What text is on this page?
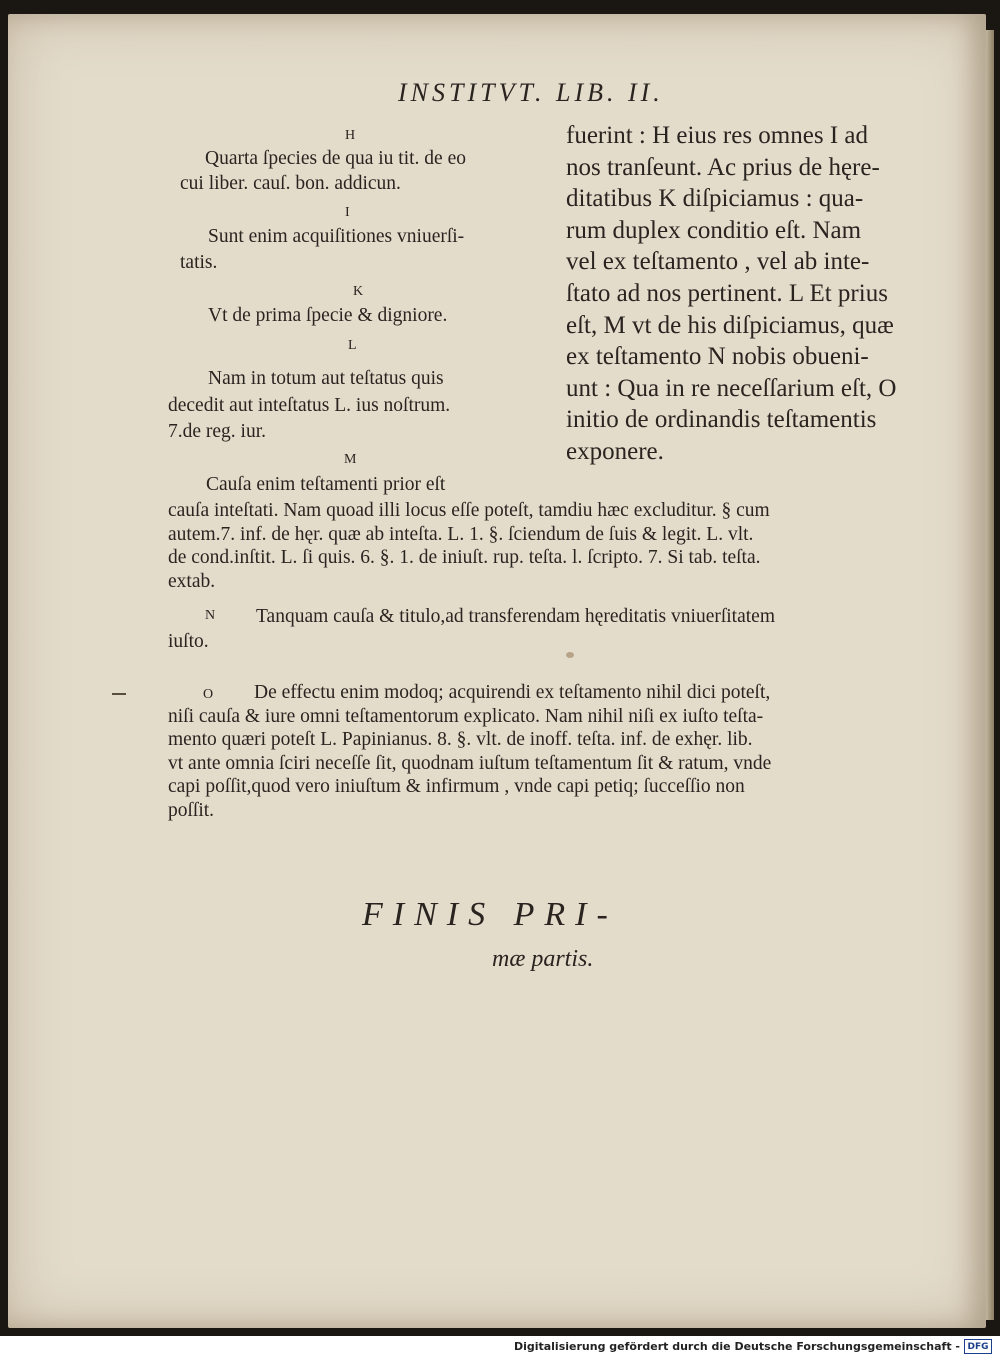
INSTITVT. LIB. II.
H
Quarta ſpecies de qua iu tit. de eo
cui liber. cauſ. bon. addicun.
I
Sunt enim acquiſitiones vniuerſi-
tatis.
K
Vt de prima ſpecie & digniore.
L
Nam in totum aut teſtatus quis
decedit aut inteſtatus L. ius noſtrum.
7.de reg. iur.
M
Cauſa enim teſtamenti prior eſt
fuerint : H eius res omnes I ad
nos tranſeunt. Ac prius de hęre-
ditatibus K diſpiciamus : qua-
rum duplex conditio eſt. Nam
vel ex teſtamento , vel ab inte-
ſtato ad nos pertinent. L Et prius
eſt, M vt de his diſpiciamus, quæ
ex teſtamento N nobis obueni-
unt : Qua in re neceſſarium eſt, O
initio de ordinandis teſtamentis
exponere.
cauſa inteſtati. Nam quoad illi locus eſſe poteſt, tamdiu hæc excluditur. § cum
autem.7. inf. de hęr. quæ ab inteſta. L. 1. §. ſciendum de ſuis & legit. L. vlt.
de cond.inſtit. L. ſi quis. 6. §. 1. de iniuſt. rup. teſta. l. ſcripto. 7. Si tab. teſta.
extab.
N Tanquam cauſa & titulo,ad transferendam hęreditatis vniuerſitatem
iuſto.
O	De effectu enim modoq; acquirendi ex teſtamento nihil dici poteſt,
niſi cauſa & iure omni teſtamentorum explicato. Nam nihil niſi ex iuſto teſta-
mento quæri poteſt L. Papinianus. 8. §. vlt. de inoff. teſta. inf. de exhęr. lib.
vt ante omnia ſciri neceſſe ſit, quodnam iuſtum teſtamentum ſit & ratum, vnde
capi poſſit,quod vero iniuſtum & infirmum , vnde capi petiq; ſucceſſio non
poſſit.
FINIS PRI-
mæ partis.
Digitalisierung gefördert durch die Deutsche Forschungsgemeinschaft - DFG
